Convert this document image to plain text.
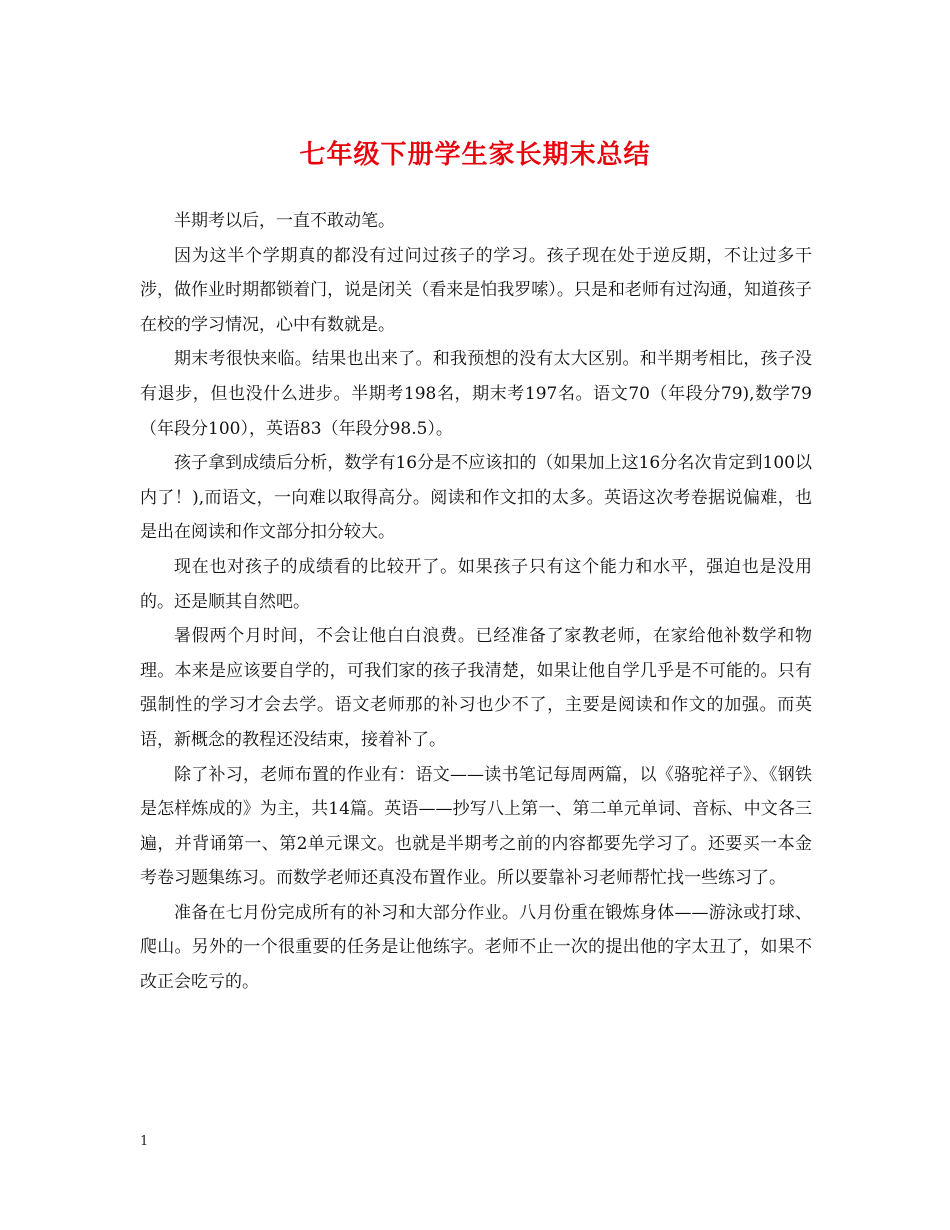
七年级下册学生家长期末总结

半期考以后，一直不敢动笔。

因为这半个学期真的都没有过问过孩子的学习。孩子现在处于逆反期，不让过多干涉，做作业时期都锁着门，说是闭关（看来是怕我罗嗦）。只是和老师有过沟通，知道孩子在校的学习情况，心中有数就是。

期末考很快来临。结果也出来了。和我预想的没有太大区别。和半期考相比，孩子没有退步，但也没什么进步。半期考198名，期末考197名。语文70（年段分79),数学79（年段分100），英语83（年段分98.5）。

孩子拿到成绩后分析，数学有16分是不应该扣的（如果加上这16分名次肯定到100以内了！),而语文，一向难以取得高分。阅读和作文扣的太多。英语这次考卷据说偏难，也是出在阅读和作文部分扣分较大。

现在也对孩子的成绩看的比较开了。如果孩子只有这个能力和水平，强迫也是没用的。还是顺其自然吧。

暑假两个月时间，不会让他白白浪费。已经准备了家教老师，在家给他补数学和物理。本来是应该要自学的，可我们家的孩子我清楚，如果让他自学几乎是不可能的。只有强制性的学习才会去学。语文老师那的补习也少不了，主要是阅读和作文的加强。而英语，新概念的教程还没结束，接着补了。

除了补习，老师布置的作业有：语文——读书笔记每周两篇，以《骆驼祥子》、《钢铁是怎样炼成的》为主，共14篇。英语——抄写八上第一、第二单元单词、音标、中文各三遍，并背诵第一、第2单元课文。也就是半期考之前的内容都要先学习了。还要买一本金考卷习题集练习。而数学老师还真没布置作业。所以要靠补习老师帮忙找一些练习了。

准备在七月份完成所有的补习和大部分作业。八月份重在锻炼身体——游泳或打球、爬山。另外的一个很重要的任务是让他练字。老师不止一次的提出他的字太丑了，如果不改正会吃亏的。

1
